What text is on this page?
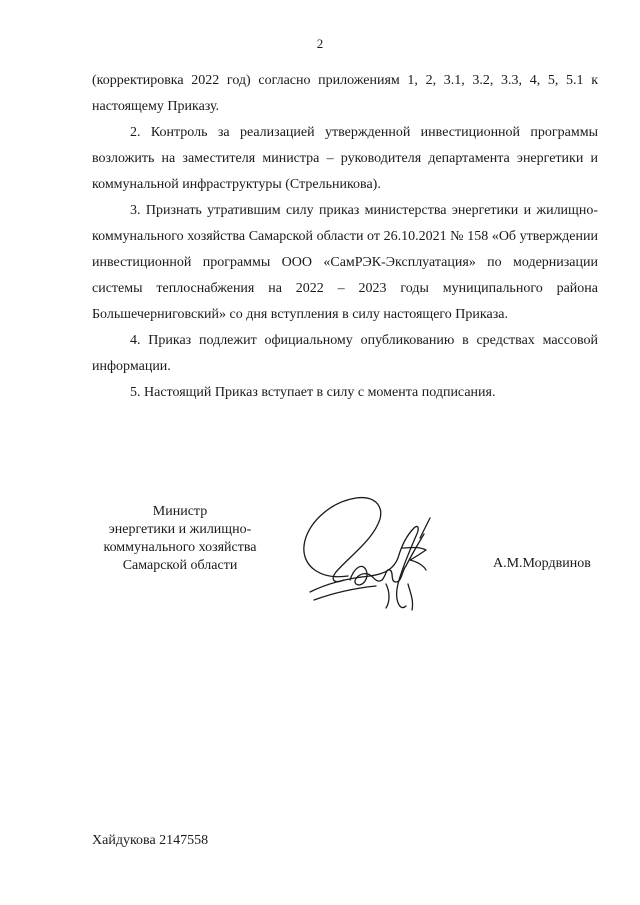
2

(корректировка 2022 год) согласно приложениям 1, 2, 3.1, 3.2, 3.3, 4, 5, 5.1 к настоящему Приказу.

2. Контроль за реализацией утвержденной инвестиционной программы возложить на заместителя министра – руководителя департамента энергетики и коммунальной инфраструктуры (Стрельникова).

3. Признать утратившим силу приказ министерства энергетики и жилищно-коммунального хозяйства Самарской области от 26.10.2021 № 158 «Об утверждении инвестиционной программы ООО «СамРЭК-Эксплуатация» по модернизации системы теплоснабжения на 2022 – 2023 годы муниципального района Большечерниговский» со дня вступления в силу настоящего Приказа.

4. Приказ подлежит официальному опубликованию в средствах массовой информации.

5. Настоящий Приказ вступает в силу с момента подписания.

Министр
энергетики и жилищно-
коммунального хозяйства
Самарской области	А.М.Мордвинов
Хайдукова 2147558
